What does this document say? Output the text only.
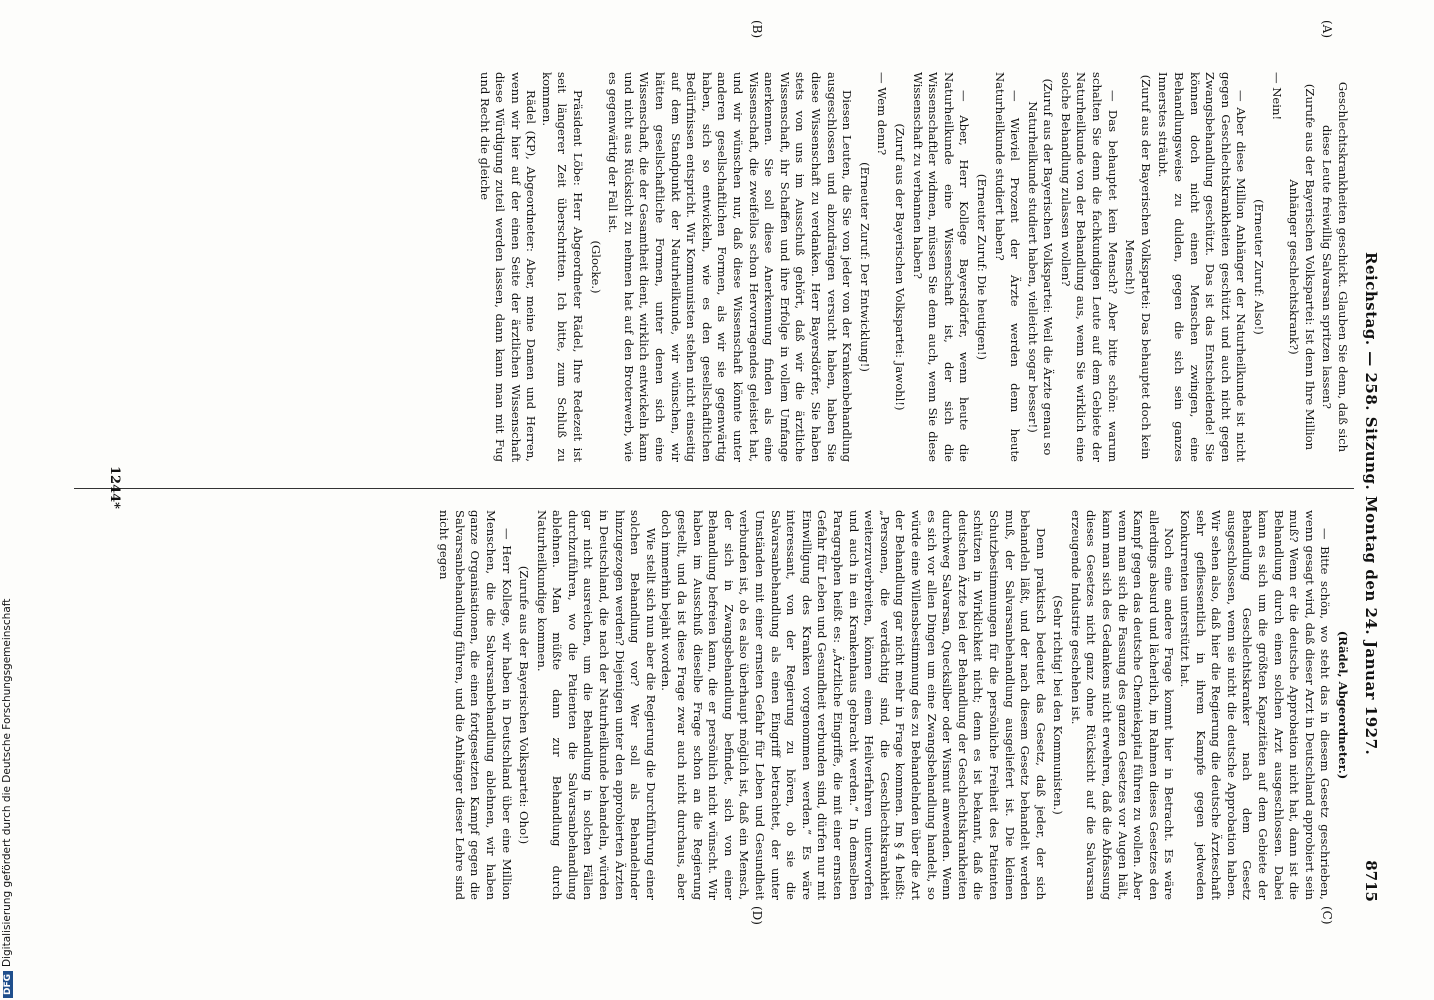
Reichstag. — 258. Sitzung. Montag den 24. Januar 1927.
8715
(C)
(D)

Geschlechtskrankheiten geschickt. Glauben Sie denn, daß sich diese Leute freiwillig Salvarsan spritzen lassen?

(Zurufe aus der Bayerischen Volkspartei: Ist denn Ihre Million Anhänger geschlechtskrank?)

— Nein!

(Erneuter Zuruf: Also!)

— Aber diese Million Anhänger der Naturheilkunde ist nicht gegen Geschlechtskrankheiten geschützt und auch nicht gegen Zwangsbehandlung geschützt. Das ist das Entscheidende! Sie können doch nicht einen Menschen zwingen, eine Behandlungsweise zu dulden, gegen die sich sein ganzes Innerstes sträubt.

(Zuruf aus der Bayerischen Volkspartei: Das behauptet doch kein Mensch!)

— Das behauptet kein Mensch? Aber bitte schön: warum schalten Sie denn die fachkundigen Leute auf dem Gebiete der Naturheilkunde von der Behandlung aus, wenn Sie wirklich eine solche Behandlung zulassen wollen?

(Zuruf aus der Bayerischen Volkspartei: Weil die Ärzte genau so Naturheilkunde studiert haben, vielleicht sogar besser!)

— Wieviel Prozent der Ärzte werden denn heute Naturheilkunde studiert haben?

(Erneuter Zuruf: Die heutigen!)

— Aber, Herr Kollege Bayersdörfer, wenn heute die Naturheilkunde eine Wissenschaft ist, der sich die Wissenschaftler widmen, müssen Sie denn auch, wenn Sie diese Wissenschaft zu verbannen haben?

(Zuruf aus der Bayerischen Volkspartei: Jawohl!)

— Wem denn?

(Erneuter Zuruf: Der Entwicklung!)

Diesen Leuten, die Sie von jeder von der Krankenbehandlung ausgeschlossen und abzudrängen versucht haben, haben Sie diese Wissenschaft zu verdanken. Herr Bayersdörfer, Sie haben stets von uns im Ausschuß gehört, daß wir die ärztliche Wissenschaft, ihr Schaffen und ihre Erfolge in vollem Umfange anerkennen. Sie soll diese Anerkennung finden als eine Wissenschaft, die zweifellos schon Hervorragendes geleistet hat, und wir wünschen nur, daß diese Wissenschaft könnte unter anderen gesellschaftlichen Formen, als wir sie gegenwärtig haben, sich so entwickeln, wie es den gesellschaftlichen Bedürfnissen entspricht. Wir Kommunisten stehen nicht einseitig auf dem Standpunkt der Naturheilkunde, wir wünschen, wir hätten gesellschaftliche Formen, unter denen sich eine Wissenschaft, die der Gesamtheit dient, wirklich entwickeln kann und nicht aus Rücksicht zu nehmen hat auf den Broterwerb, wie es gegenwärtig der Fall ist.

(Glocke.)

Präsident Löbe: Herr Abgeordneter Rädel, Ihre Redezeit ist seit längerer Zeit überschritten. Ich bitte, zum Schluß zu kommen.

Rädel (KP), Abgeordneter: Aber, meine Damen und Herren, wenn wir hier auf der einen Seite der ärztlichen Wissenschaft diese Würdigung zuteil werden lassen, dann kann man mit Fug und Recht die gleiche

(Rädel, Abgeordneter.)

— Bitte schön, wo steht das in diesem Gesetz geschrieben, wenn gesagt wird, daß dieser Arzt in Deutschland approbiert sein muß? Wenn er die deutsche Approbation nicht hat, dann ist die Behandlung durch einen solchen Arzt ausgeschlossen. Dabei kann es sich um die größten Kapazitäten auf dem Gebiete der Behandlung Geschlechtskranker nach dem Gesetz ausgeschlossen, wenn sie nicht die deutsche Approbation haben. Wir sehen also, daß hier die Regierung die deutsche Ärzteschaft sehr gefliessentlich in ihrem Kampfe gegen jedweden Konkurrenten unterstützt hat.

Noch eine andere Frage kommt hier in Betracht. Es wäre allerdings absurd und lächerlich, im Rahmen dieses Gesetzes den Kampf gegen das deutsche Chemiekapital führen zu wollen. Aber wenn man sich die Fassung des ganzen Gesetzes vor Augen hält, kann man sich des Gedankens nicht erwehren, daß die Abfassung dieses Gesetzes nicht ganz ohne Rücksicht auf die Salvarsan erzeugende Industrie geschehen ist.

(Sehr richtig! bei den Kommunisten.)

Denn praktisch bedeutet das Gesetz, daß jeder, der sich behandeln läßt, und der nach diesem Gesetz behandelt werden muß, der Salvarsanbehandlung ausgeliefert ist. Die kleinen Schutzbestimmungen für die persönliche Freiheit des Patienten schützen in Wirklichkeit nicht; denn es ist bekannt, daß die deutschen Ärzte bei der Behandlung der Geschlechtskrankheiten durchweg Salvarsan, Quecksilber oder Wismut anwenden. Wenn es sich vor allen Dingen um eine Zwangsbehandlung handelt, so würde eine Willensbestimmung des zu Behandelnden über die Art der Behandlung gar nicht mehr in Frage kommen. Im § 4 heißt: „Personen, die verdächtig sind, die Geschlechtskrankheit weiterzuverbreiten, können einem Heilverfahren unterworfen und auch in ein Krankenhaus gebracht werden.“ In demselben Paragraphen heißt es: „Ärztliche Eingriffe, die mit einer ernsten Gefahr für Leben und Gesundheit verbunden sind, dürfen nur mit Einwilligung des Kranken vorgenommen werden.“ Es wäre interessant, von der Regierung zu hören, ob sie die Salvarsanbehandlung als einen Eingriff betrachtet, der unter Umständen mit einer ernsten Gefahr für Leben und Gesundheit verbunden ist, ob es also überhaupt möglich ist, daß ein Mensch, der sich in Zwangsbehandlung befindet, sich von einer Behandlung befreien kann, die er persönlich nicht wünscht. Wir haben im Ausschuß dieselbe Frage schon an die Regierung gestellt, und da ist diese Frage zwar auch nicht durchaus, aber doch immerhin bejaht worden.

Wie stellt sich nun aber die Regierung die Durchführung einer solchen Behandlung vor? Wer soll als Behandelnder hinzugezogen werden? Diejenigen unter den approbierten Ärzten in Deutschland, die nach der Naturheilkunde behandeln, würden gar nicht ausreichen, um die Behandlung in solchen Fällen durchzuführen, wo die Patienten die Salvarsanbehandlung ablehnen. Man müßte dann zur Behandlung durch Naturheilkundige kommen.

(Zurufe aus der Bayerischen Volkspartei: Oho!)

— Herr Kollege, wir haben in Deutschland über eine Million Menschen, die die Salvarsanbehandlung ablehnen, wir haben ganze Organisationen, die einen fortgesetzten Kampf gegen die Salvarsanbehandlung führen, und die Anhänger dieser Lehre sind nicht gegen

(A)
(B)
1244*
DFGDigitalisierung gefördert durch die Deutsche Forschungsgemeinschaft
